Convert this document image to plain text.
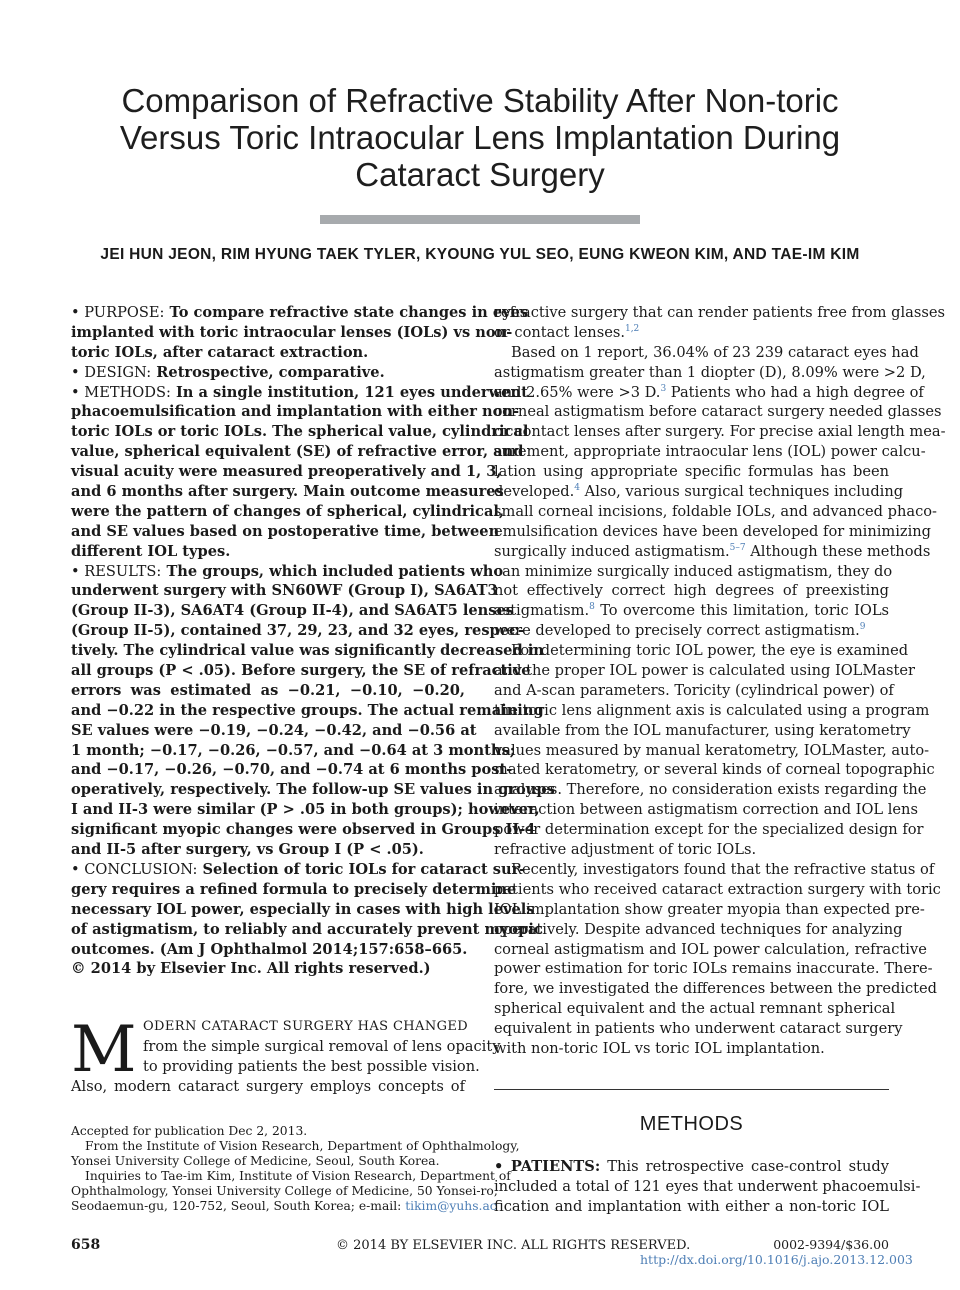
Comparison of Refractive Stability After Non-toric
Versus Toric Intraocular Lens Implantation During
Cataract Surgery
JEI HUN JEON, RIM HYUNG TAEK TYLER, KYOUNG YUL SEO, EUNG KWEON KIM, AND TAE-IM KIM
• PURPOSE: To compare refractive state changes in eyes
implanted with toric intraocular lenses (IOLs) vs non-
toric IOLs, after cataract extraction.
• DESIGN: Retrospective, comparative.
• METHODS: In a single institution, 121 eyes underwent
phacoemulsification and implantation with either non-
toric IOLs or toric IOLs. The spherical value, cylindrical
value, spherical equivalent (SE) of refractive error, and
visual acuity were measured preoperatively and 1, 3,
and 6 months after surgery. Main outcome measures
were the pattern of changes of spherical, cylindrical,
and SE values based on postoperative time, between
different IOL types.
• RESULTS: The groups, which included patients who
underwent surgery with SN60WF (Group I), SA6AT3
(Group II-3), SA6AT4 (Group II-4), and SA6AT5 lenses
(Group II-5), contained 37, 29, 23, and 32 eyes, respec-
tively. The cylindrical value was significantly decreased in
all groups (P < .05). Before surgery, the SE of refractive
errors was estimated as −0.21, −0.10, −0.20,
and −0.22 in the respective groups. The actual remaining
SE values were −0.19, −0.24, −0.42, and −0.56 at
1 month; −0.17, −0.26, −0.57, and −0.64 at 3 months;
and −0.17, −0.26, −0.70, and −0.74 at 6 months post-
operatively, respectively. The follow-up SE values in groups
I and II-3 were similar (P > .05 in both groups); however,
significant myopic changes were observed in Groups II-4
and II-5 after surgery, vs Group I (P < .05).
• CONCLUSION: Selection of toric IOLs for cataract sur-
gery requires a refined formula to precisely determine
necessary IOL power, especially in cases with high levels
of astigmatism, to reliably and accurately prevent myopic
outcomes. (Am J Ophthalmol 2014;157:658–665.
© 2014 by Elsevier Inc. All rights reserved.)
M ODERN CATARACT SURGERY HAS CHANGED
from the simple surgical removal of lens opacity
to providing patients the best possible vision.
Also, modern cataract surgery employs concepts of
Accepted for publication Dec 2, 2013.
From the Institute of Vision Research, Department of Ophthalmology,
Yonsei University College of Medicine, Seoul, South Korea.
Inquiries to Tae-im Kim, Institute of Vision Research, Department of
Ophthalmology, Yonsei University College of Medicine, 50 Yonsei-ro,
Seodaemun-gu, 120-752, Seoul, South Korea; e-mail: tikim@yuhs.ac
refractive surgery that can render patients free from glasses
or contact lenses.$^{1,2}$
Based on 1 report, 36.04% of 23 239 cataract eyes had
astigmatism greater than 1 diopter (D), 8.09% were >2 D,
and 2.65% were >3 D.$^3$ Patients who had a high degree of
corneal astigmatism before cataract surgery needed glasses
or contact lenses after surgery. For precise axial length mea-
surement, appropriate intraocular lens (IOL) power calcu-
lation using appropriate specific formulas has been
developed.$^4$ Also, various surgical techniques including
small corneal incisions, foldable IOLs, and advanced phaco-
emulsification devices have been developed for minimizing
surgically induced astigmatism.$^{5-7}$ Although these methods
can minimize surgically induced astigmatism, they do
not effectively correct high degrees of preexisting
astigmatism.$^8$ To overcome this limitation, toric IOLs
were developed to precisely correct astigmatism.$^9$
For determining toric IOL power, the eye is examined
and the proper IOL power is calculated using IOLMaster
and A-scan parameters. Toricity (cylindrical power) of
the toric lens alignment axis is calculated using a program
available from the IOL manufacturer, using keratometry
values measured by manual keratometry, IOLMaster, auto-
mated keratometry, or several kinds of corneal topographic
analyses. Therefore, no consideration exists regarding the
interaction between astigmatism correction and IOL lens
power determination except for the specialized design for
refractive adjustment of toric IOLs.
Recently, investigators found that the refractive status of
patients who received cataract extraction surgery with toric
IOL implantation show greater myopia than expected pre-
operatively. Despite advanced techniques for analyzing
corneal astigmatism and IOL power calculation, refractive
power estimation for toric IOLs remains inaccurate. There-
fore, we investigated the differences between the predicted
spherical equivalent and the actual remnant spherical
equivalent in patients who underwent cataract surgery
with non-toric IOL vs toric IOL implantation.
METHODS
• PATIENTS: This retrospective case-control study
included a total of 121 eyes that underwent phacoemulsi-
fication and implantation with either a non-toric IOL
658	© 2014 BY ELSEVIER INC. ALL RIGHTS RESERVED.	0002-9394/$36.00
http://dx.doi.org/10.1016/j.ajo.2013.12.003
